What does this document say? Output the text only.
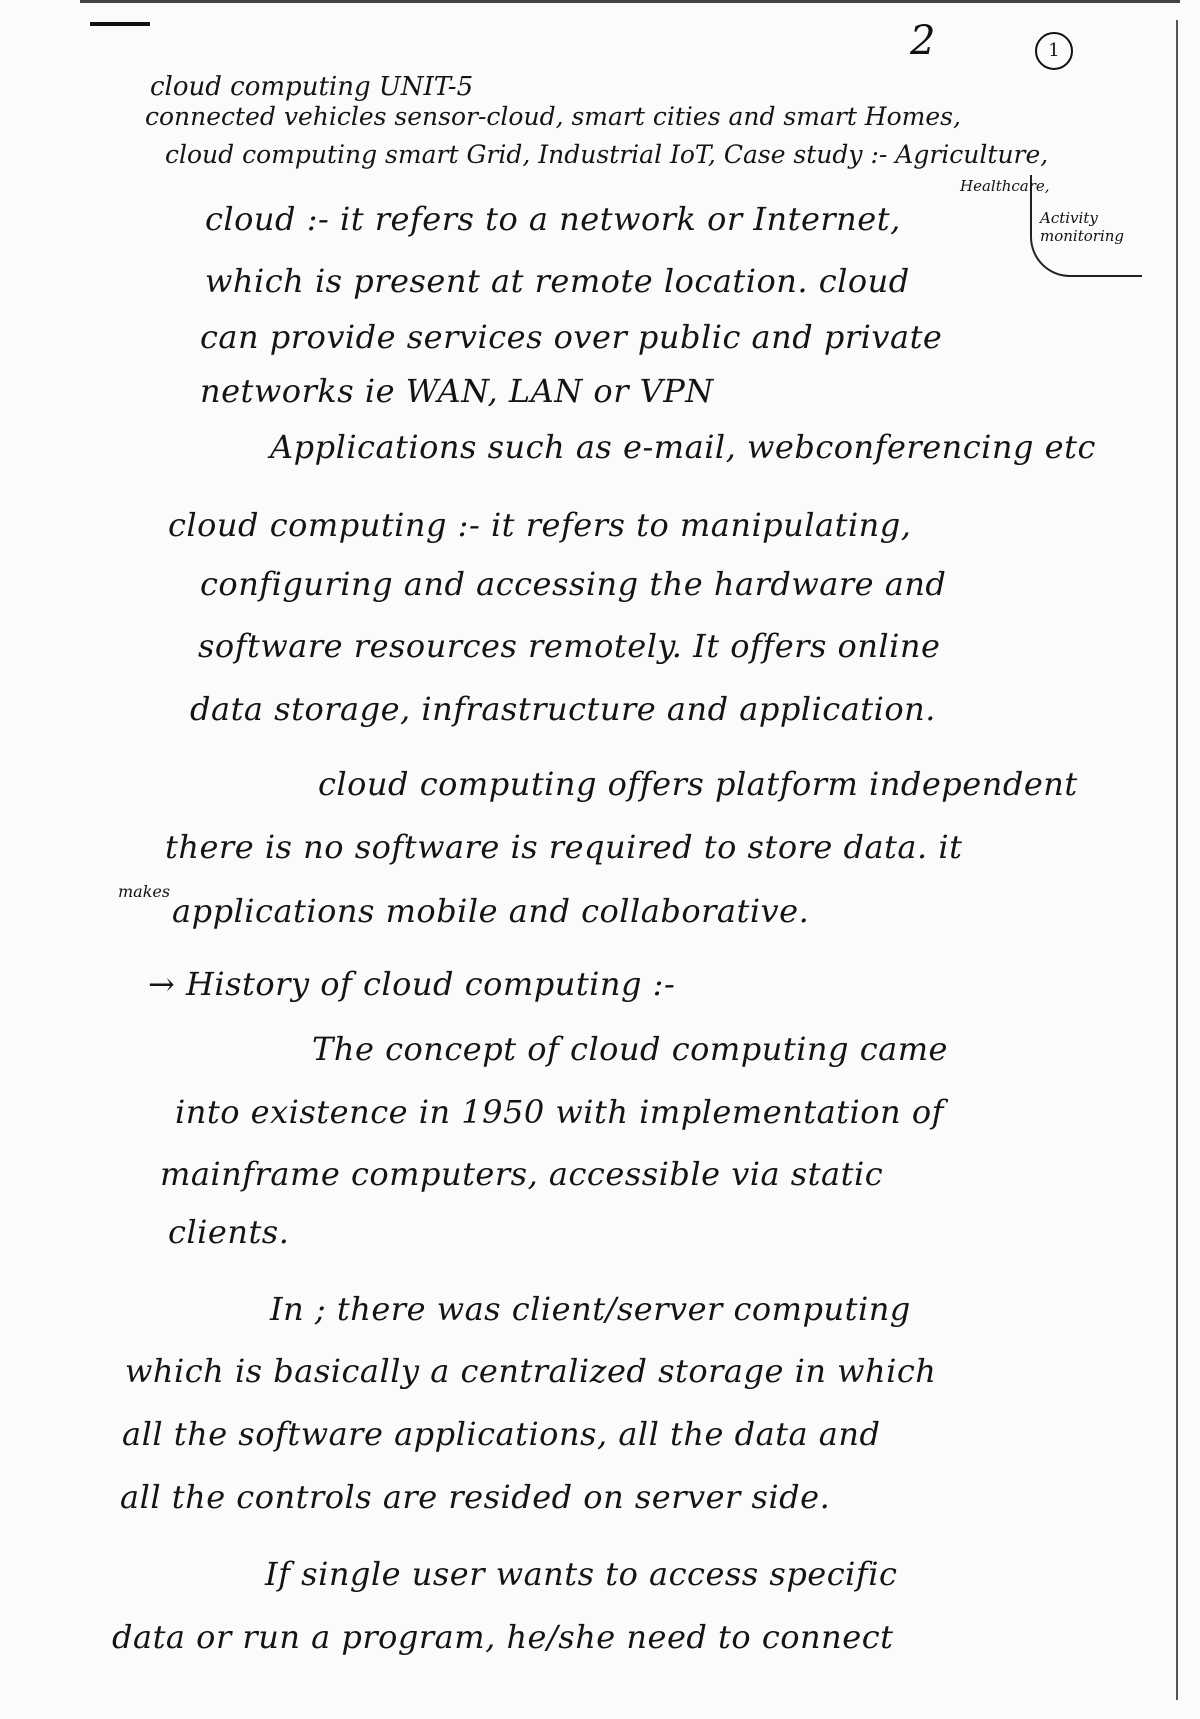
2	1
cloud computing UNIT-5
connected vehicles sensor-cloud, smart cities and smart Homes,
cloud computing smart Grid, Industrial IoT, Case study :- Agriculture,
Healthcare,
Activity
monitoring
cloud :- it refers to a network or Internet,
which is present at remote location. cloud
can provide services over public and private
networks ie WAN, LAN or VPN
Applications such as e-mail, webconferencing etc
cloud computing :- it refers to manipulating,
configuring and accessing the hardware and
software resources remotely. It offers online
data storage, infrastructure and application.
cloud computing offers platform independent
there is no software is required to store data. it
makes
applications mobile and collaborative.
→ History of cloud computing :-
The concept of cloud computing came
into existence in 1950 with implementation of
mainframe computers, accessible via static
clients.
In ; there was client/server computing
which is basically a centralized storage in which
all the software applications, all the data and
all the controls are resided on server side.
If single user wants to access specific
data or run a program, he/she need to connect
